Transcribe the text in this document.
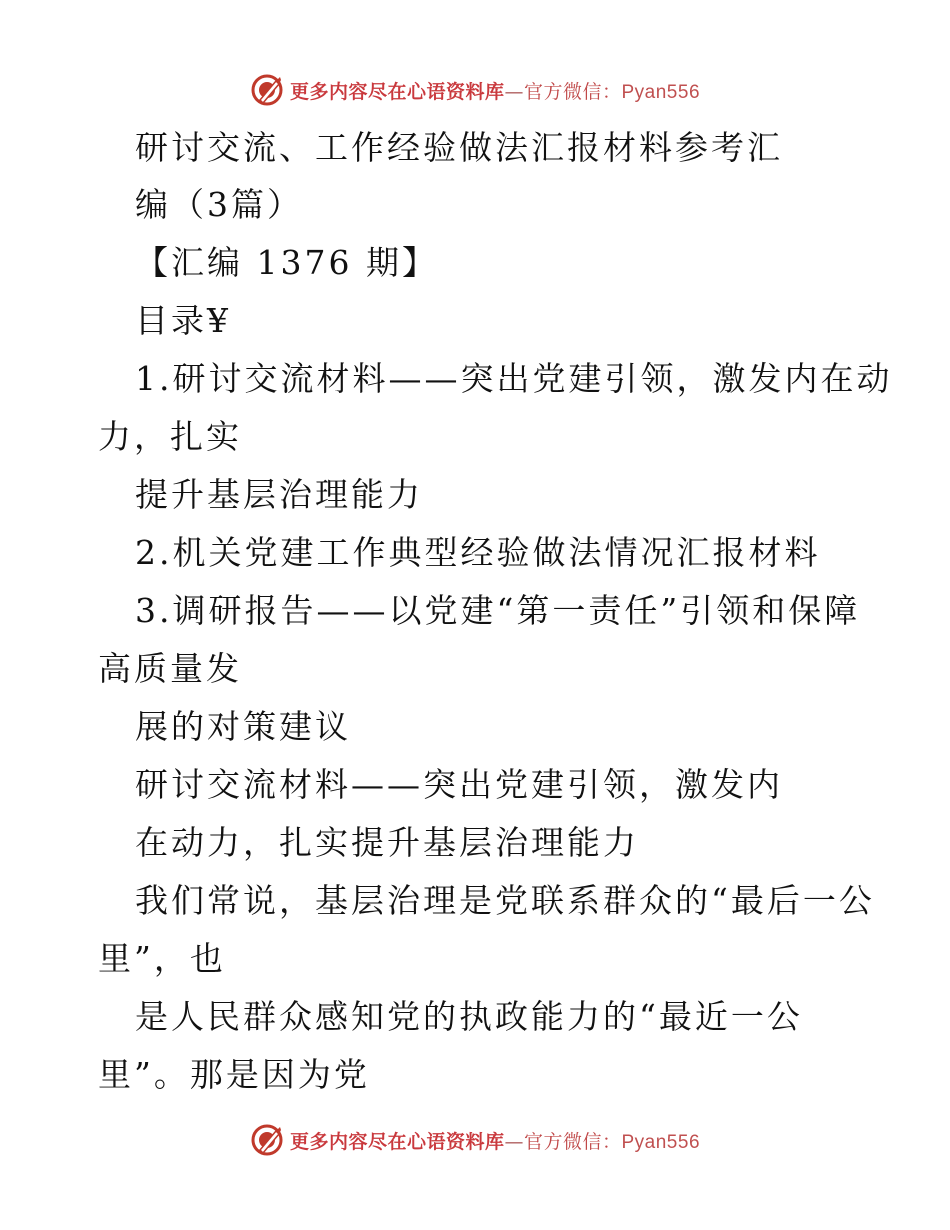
更多内容尽在心语资料库—官方微信：Pyan556
研讨交流、工作经验做法汇报材料参考汇
编（3篇）
【汇编 1376 期】
目录¥
1.研讨交流材料——突出党建引领，激发内在动
力，扎实
提升基层治理能力
2.机关党建工作典型经验做法情况汇报材料
3.调研报告——以党建“第一责任”引领和保障
高质量发
展的对策建议
研讨交流材料——突出党建引领，激发内
在动力，扎实提升基层治理能力
我们常说，基层治理是党联系群众的“最后一公
里”，也
是人民群众感知党的执政能力的“最近一公
里”。那是因为党
更多内容尽在心语资料库—官方微信：Pyan556
